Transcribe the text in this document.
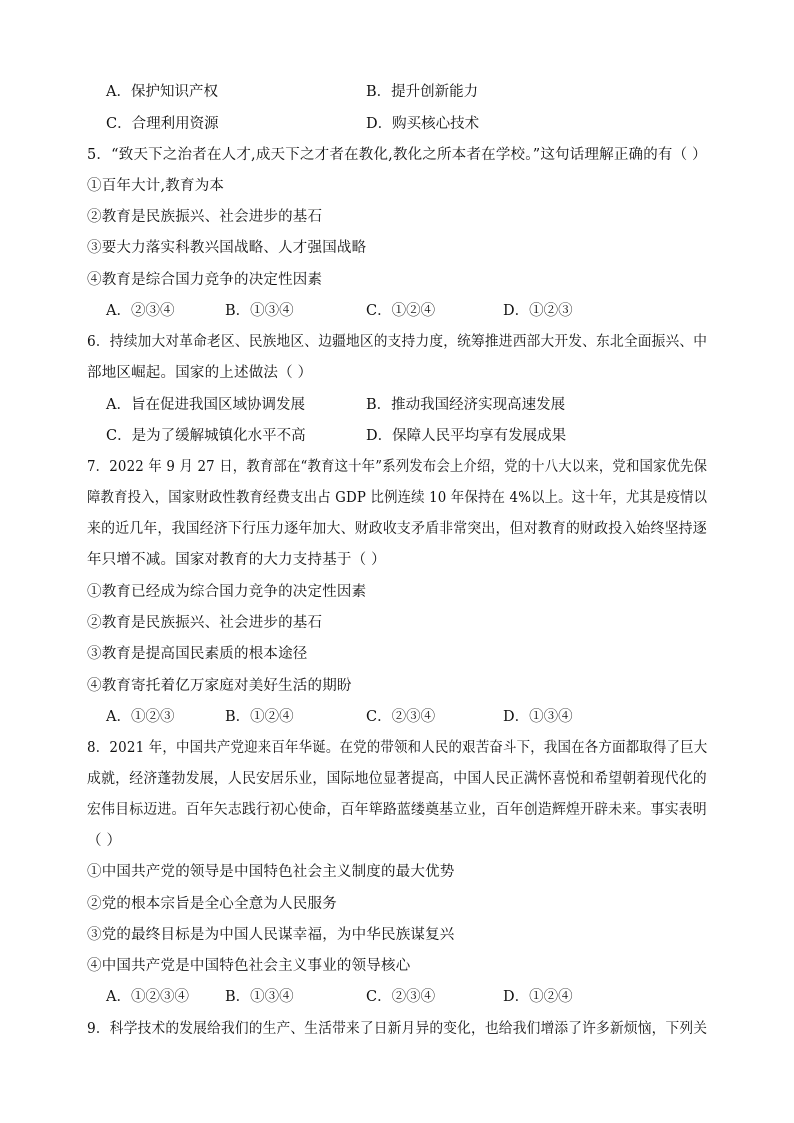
A．保护知识产权	B．提升创新能力
C．合理利用资源	D．购买核心技术
5．“致天下之治者在人才,成天下之才者在教化,教化之所本者在学校。”这句话理解正确的有（ ）
①百年大计,教育为本
②教育是民族振兴、社会进步的基石
③要大力落实科教兴国战略、人才强国战略
④教育是综合国力竞争的决定性因素
A．②③④	B．①③④	C．①②④	D．①②③
6．持续加大对革命老区、民族地区、边疆地区的支持力度，统筹推进西部大开发、东北全面振兴、中
部地区崛起。国家的上述做法（ ）
A．旨在促进我国区域协调发展	B．推动我国经济实现高速发展
C．是为了缓解城镇化水平不高	D．保障人民平均享有发展成果
7．2022 年 9 月 27 日，教育部在“教育这十年”系列发布会上介绍，党的十八大以来，党和国家优先保
障教育投入，国家财政性教育经费支出占 GDP 比例连续 10 年保持在 4%以上。这十年，尤其是疫情以
来的近几年，我国经济下行压力逐年加大、财政收支矛盾非常突出，但对教育的财政投入始终坚持逐
年只增不减。国家对教育的大力支持基于（ ）
①教育已经成为综合国力竞争的决定性因素
②教育是民族振兴、社会进步的基石
③教育是提高国民素质的根本途径
④教育寄托着亿万家庭对美好生活的期盼
A．①②③	B．①②④	C．②③④	D．①③④
8．2021 年，中国共产党迎来百年华诞。在党的带领和人民的艰苦奋斗下，我国在各方面都取得了巨大
成就，经济蓬勃发展，人民安居乐业，国际地位显著提高，中国人民正满怀喜悦和希望朝着现代化的
宏伟目标迈进。百年矢志践行初心使命，百年筚路蓝缕奠基立业，百年创造辉煌开辟未来。事实表明
（ ）
①中国共产党的领导是中国特色社会主义制度的最大优势
②党的根本宗旨是全心全意为人民服务
③党的最终目标是为中国人民谋幸福，为中华民族谋复兴
④中国共产党是中国特色社会主义事业的领导核心
A．①②③④ B．①③④	C．②③④	D．①②④
9．科学技术的发展给我们的生产、生活带来了日新月异的变化，也给我们增添了许多新烦恼，下列关
